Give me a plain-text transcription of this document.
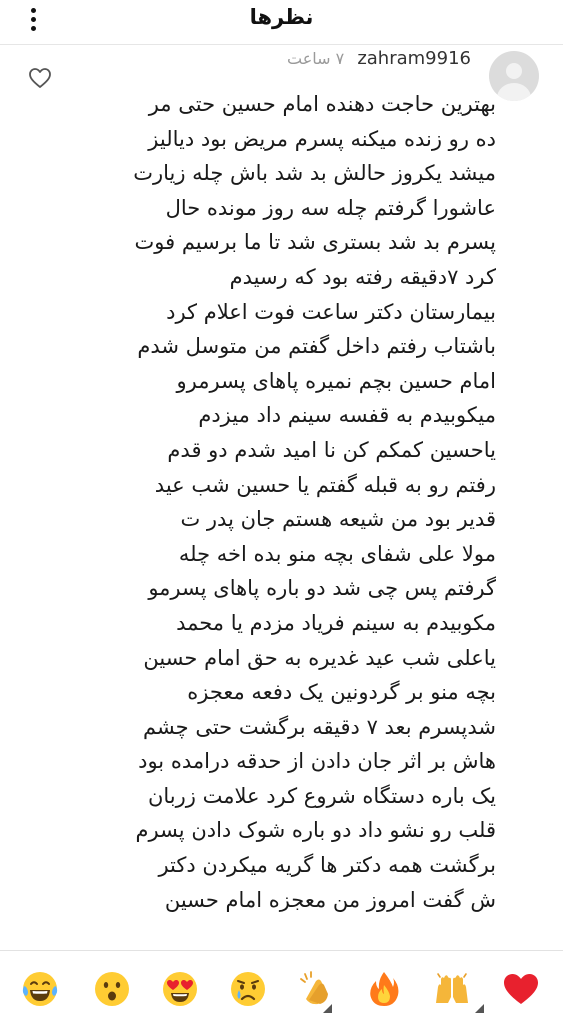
نظرها
۷ ساعت zahram9916
بهترین حاجت دهنده امام حسین حتی مر
ده رو زنده میکنه پسرم مریض بود دیالیز
میشد یکروز حالش بد شد باش چله زیارت
عاشورا گرفتم چله سه روز مونده حال
پسرم بد شد بستری شد تا ما برسیم فوت
کرد ۷دقیقه رفته بود که رسیدم
بیمارستان دکتر ساعت فوت اعلام کرد
باشتاب رفتم داخل گفتم من متوسل شدم
امام حسین بچم نمیره پاهای پسرمرو
میکوبیدم به قفسه سینم داد میزدم
یاحسین کمکم کن نا امید شدم دو قدم
رفتم رو به قبله گفتم یا حسین شب عید
قدیر بود من شیعه هستم جان پدر ت
مولا علی شفای بچه منو بده اخه چله
گرفتم پس چی شد دو باره پاهای پسرمو
مکوبیدم به سینم فریاد مزدم یا محمد
یاعلی شب عید غدیره به حق امام حسین
بچه منو بر گردونین یک دفعه معجزه
شدپسرم بعد ۷ دقیقه برگشت حتی چشم
هاش بر اثر جان دادن از حدقه درامده بود
یک باره دستگاه شروع کرد علامت زربان
قلب رو نشو داد دو باره شوک دادن پسرم
برگشت همه دکتر ها گریه میکردن دکتر
ش گفت امروز من معجزه امام حسین
